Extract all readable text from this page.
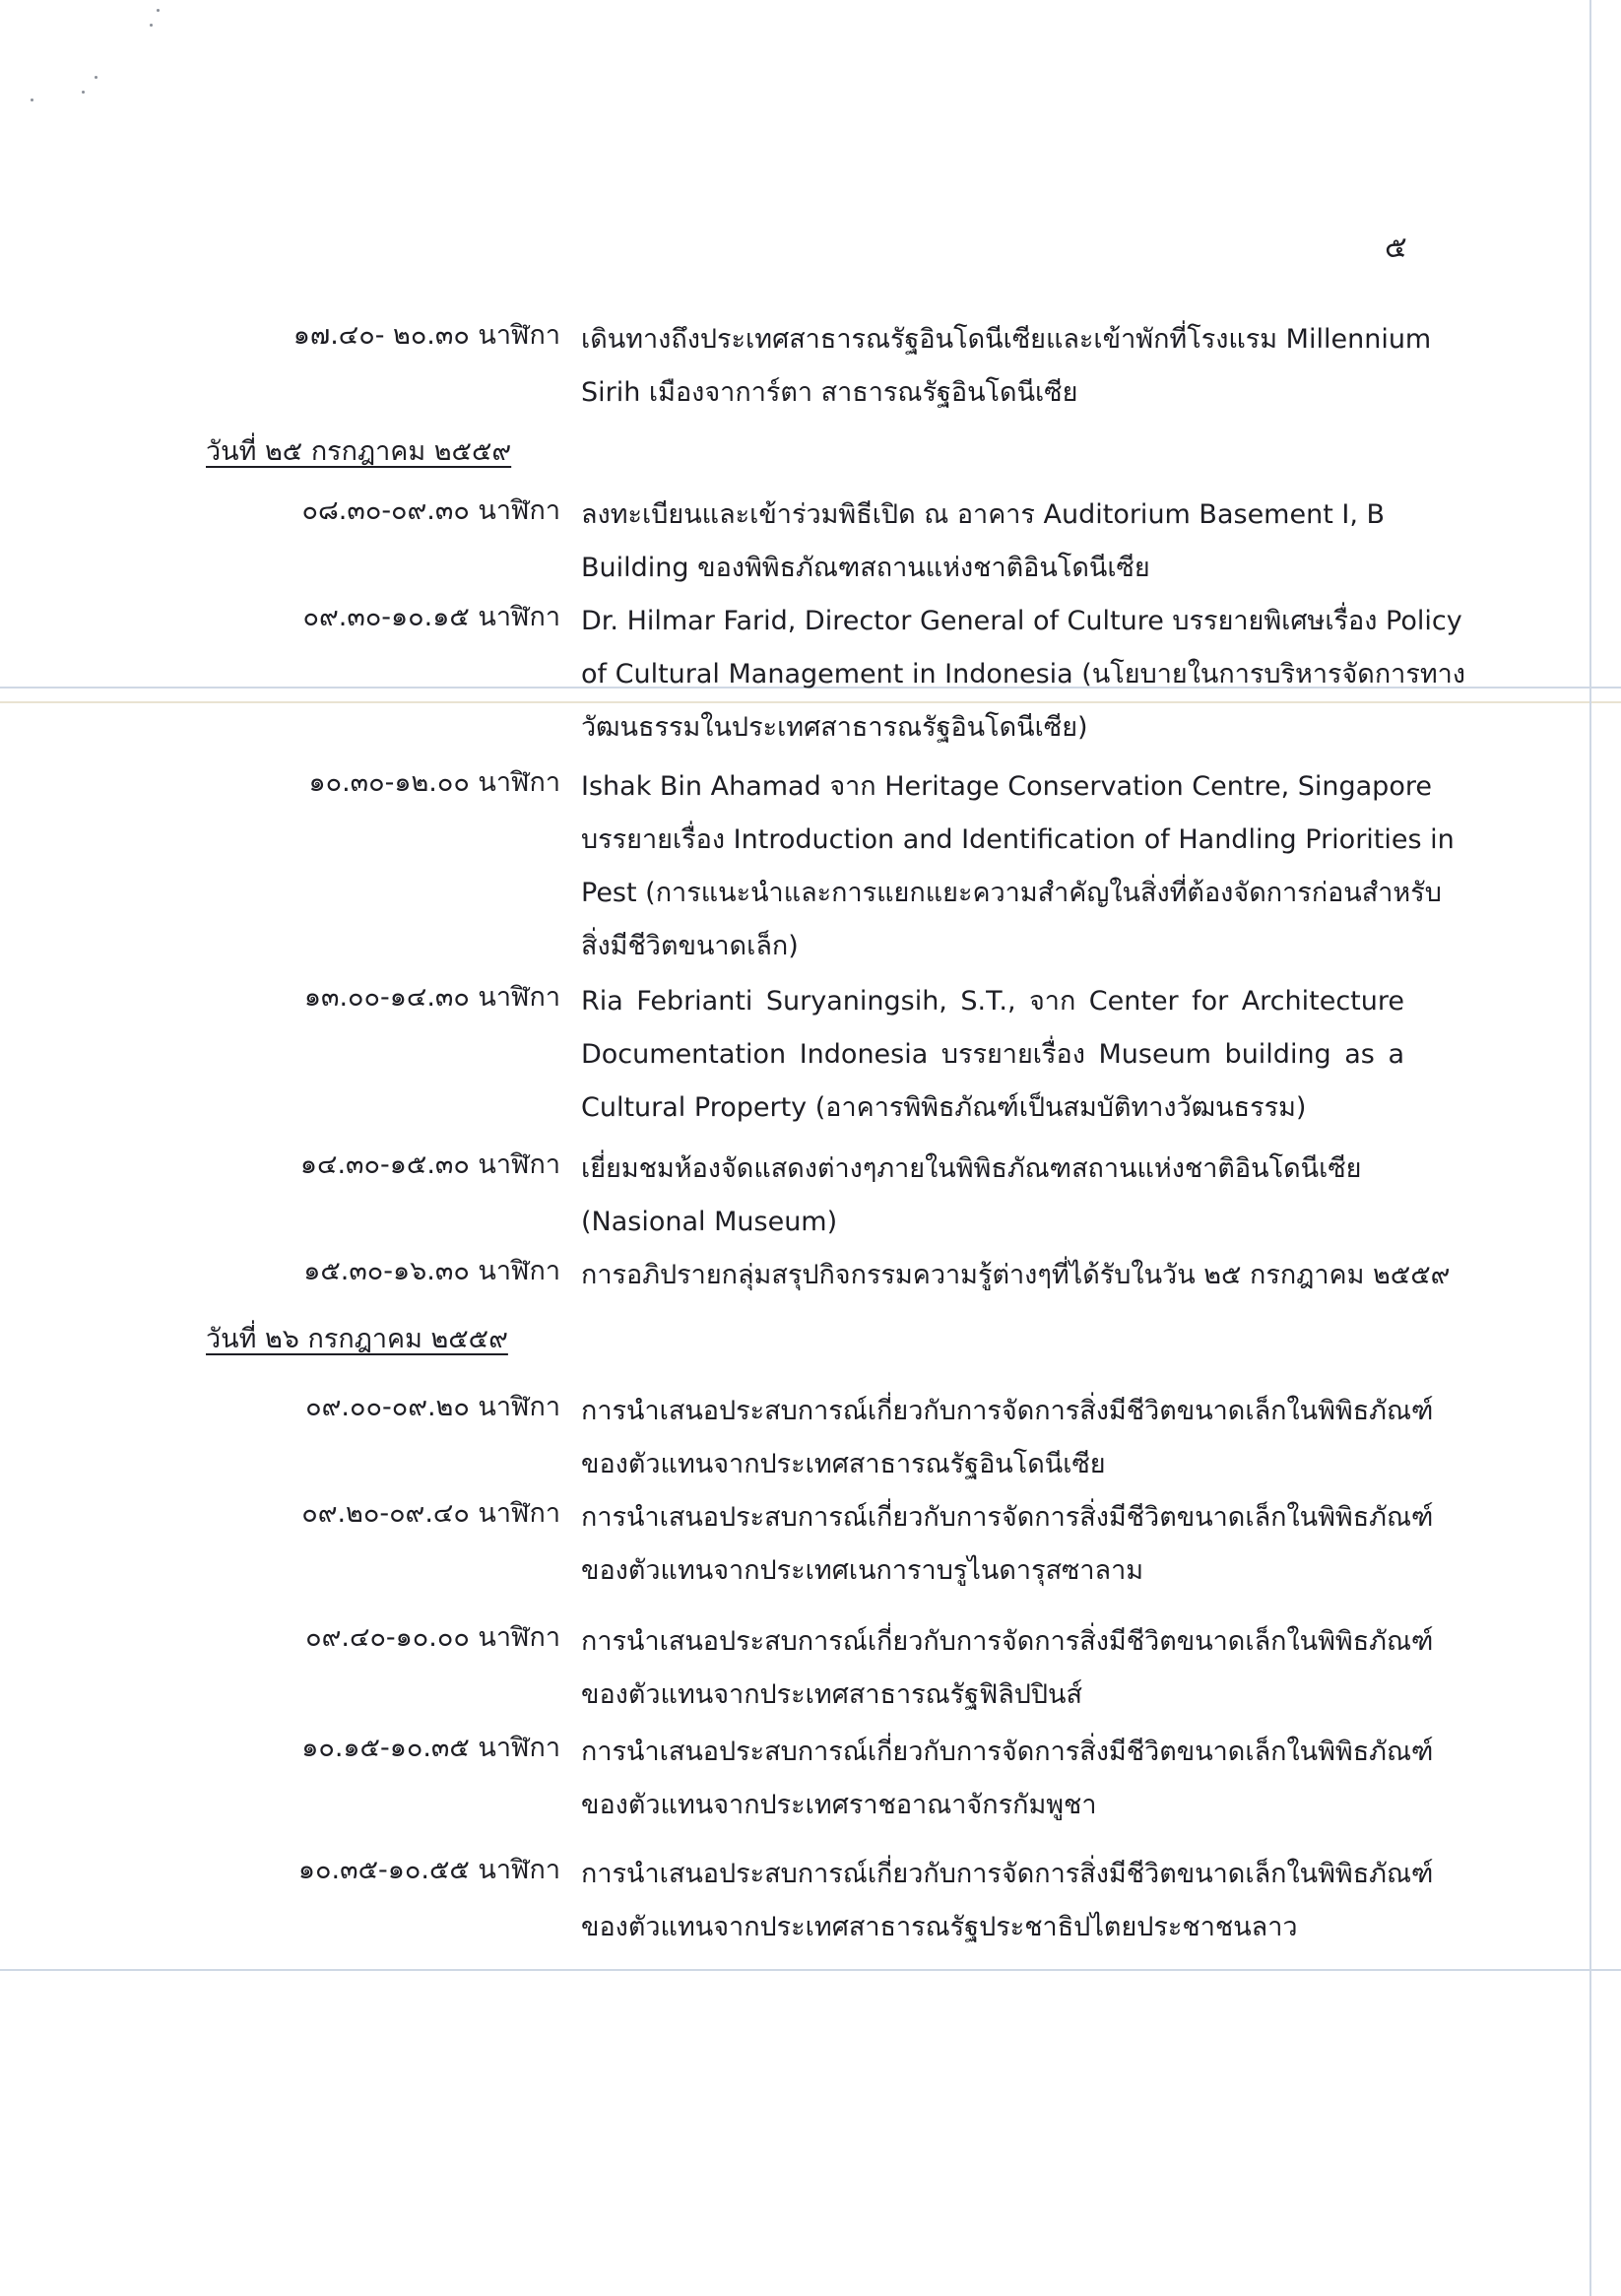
๕
๑๗.๔๐- ๒๐.๓๐ นาฬิกา เดินทางถึงประเทศสาธารณรัฐอินโดนีเซียและเข้าพักที่โรงแรม Millennium
Sirih เมืองจาการ์ตา สาธารณรัฐอินโดนีเซีย
วันที่ ๒๕ กรกฎาคม ๒๕๕๙
๐๘.๓๐-๐๙.๓๐ นาฬิกา ลงทะเบียนและเข้าร่วมพิธีเปิด ณ อาคาร Auditorium Basement I, B
Building ของพิพิธภัณฑสถานแห่งชาติอินโดนีเซีย
๐๙.๓๐-๑๐.๑๕ นาฬิกา Dr. Hilmar Farid, Director General of Culture บรรยายพิเศษเรื่อง Policy
of Cultural Management in Indonesia (นโยบายในการบริหารจัดการทาง
วัฒนธรรมในประเทศสาธารณรัฐอินโดนีเซีย)
๑๐.๓๐-๑๒.๐๐ นาฬิกา Ishak Bin Ahamad จาก Heritage Conservation Centre, Singapore
บรรยายเรื่อง Introduction and Identification of Handling Priorities in
Pest (การแนะนำและการแยกแยะความสำคัญในสิ่งที่ต้องจัดการก่อนสำหรับ
สิ่งมีชีวิตขนาดเล็ก)
๑๓.๐๐-๑๔.๓๐ นาฬิกา Ria Febrianti Suryaningsih, S.T., จาก Center for Architecture
Documentation Indonesia บรรยายเรื่อง Museum building as a
Cultural Property (อาคารพิพิธภัณฑ์เป็นสมบัติทางวัฒนธรรม)
๑๔.๓๐-๑๕.๓๐ นาฬิกา เยี่ยมชมห้องจัดแสดงต่างๆภายในพิพิธภัณฑสถานแห่งชาติอินโดนีเซีย
(Nasional Museum)
๑๕.๓๐-๑๖.๓๐ นาฬิกา การอภิปรายกลุ่มสรุปกิจกรรมความรู้ต่างๆที่ได้รับในวัน ๒๕ กรกฎาคม ๒๕๕๙
วันที่ ๒๖ กรกฎาคม ๒๕๕๙
๐๙.๐๐-๐๙.๒๐ นาฬิกา การนำเสนอประสบการณ์เกี่ยวกับการจัดการสิ่งมีชีวิตขนาดเล็กในพิพิธภัณฑ์
ของตัวแทนจากประเทศสาธารณรัฐอินโดนีเซีย
๐๙.๒๐-๐๙.๔๐ นาฬิกา การนำเสนอประสบการณ์เกี่ยวกับการจัดการสิ่งมีชีวิตขนาดเล็กในพิพิธภัณฑ์
ของตัวแทนจากประเทศเนการาบรูไนดารุสซาลาม
๐๙.๔๐-๑๐.๐๐ นาฬิกา การนำเสนอประสบการณ์เกี่ยวกับการจัดการสิ่งมีชีวิตขนาดเล็กในพิพิธภัณฑ์
ของตัวแทนจากประเทศสาธารณรัฐฟิลิปปินส์
๑๐.๑๕-๑๐.๓๕ นาฬิกา การนำเสนอประสบการณ์เกี่ยวกับการจัดการสิ่งมีชีวิตขนาดเล็กในพิพิธภัณฑ์
ของตัวแทนจากประเทศราชอาณาจักรกัมพูชา
๑๐.๓๕-๑๐.๕๕ นาฬิกา การนำเสนอประสบการณ์เกี่ยวกับการจัดการสิ่งมีชีวิตขนาดเล็กในพิพิธภัณฑ์
ของตัวแทนจากประเทศสาธารณรัฐประชาธิปไตยประชาชนลาว
